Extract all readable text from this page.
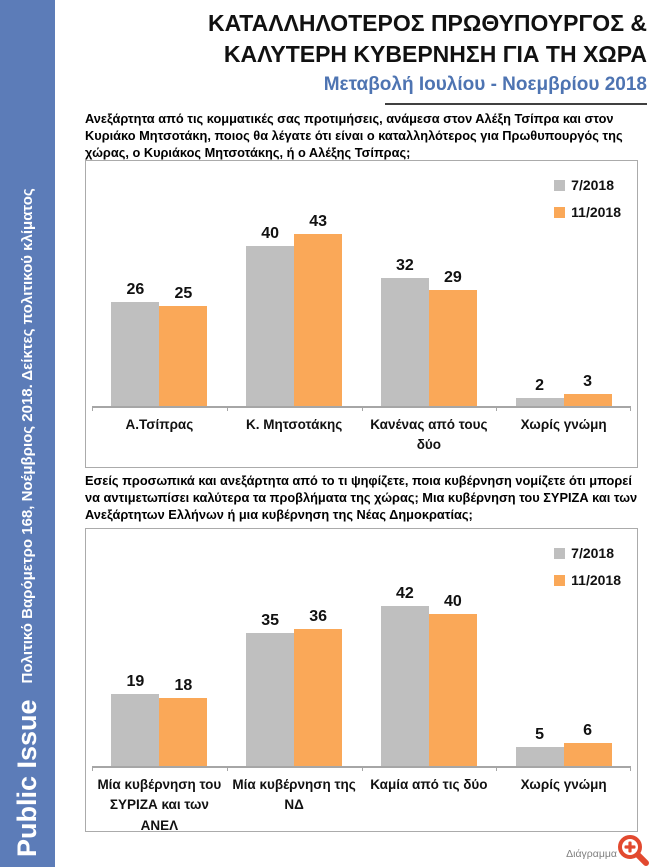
Public Issue
Πολιτικό Βαρόμετρο 168, Νοέμβριος 2018. Δείκτες πολιτικού κλίματος
ΚΑΤΑΛΛΗΛΟΤΕΡΟΣ ΠΡΩΘΥΠΟΥΡΓΟΣ &
ΚΑΛΥΤΕΡΗ ΚΥΒΕΡΝΗΣΗ ΓΙΑ ΤΗ ΧΩΡΑ
Μεταβολή Ιουλίου - Νοεμβρίου 2018

Ανεξάρτητα από τις κομματικές σας προτιμήσεις, ανάμεσα στον Αλέξη Τσίπρα και στον Κυριάκο Μητσοτάκη, ποιος θα λέγατε ότι είναι ο καταλληλότερος για Πρωθυπουργός της χώρας, ο Κυριάκος Μητσοτάκης, ή ο Αλέξης Τσίπρας;

7/2018
11/2018
26	25
40
43
32
29
2	3
Α.Τσίπρας	Κ. Μητσοτάκης	Κανένας από τους δύο
Χωρίς γνώμη

Εσείς προσωπικά και ανεξάρτητα από το τι ψηφίζετε, ποια κυβέρνηση νομίζετε ότι μπορεί να αντιμετωπίσει καλύτερα τα προβλήματα της χώρας; Μια κυβέρνηση του ΣΥΡΙΖΑ και των Ανεξάρτητων Ελλήνων ή μια κυβέρνηση της Νέας Δημοκρατίας;

7/2018
11/2018
19	18
35	36
42	40
5	6
Μία κυβέρνηση του ΣΥΡΙΖΑ και των ΑΝΕΛ
Μία κυβέρνηση της ΝΔ
Καμία από τις δύο	Χωρίς γνώμη
Διάγραμμα
